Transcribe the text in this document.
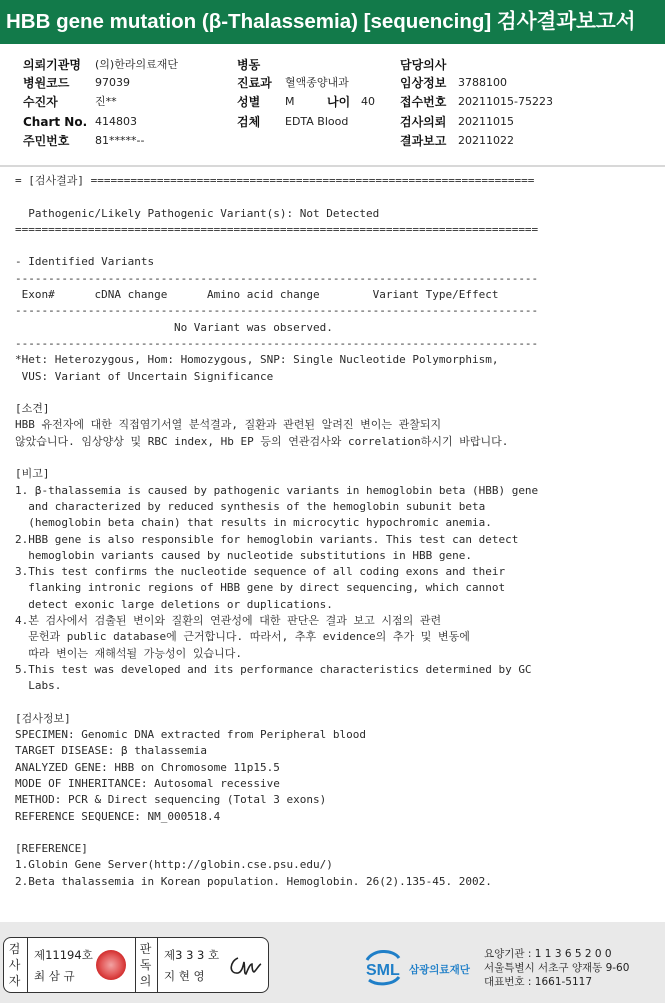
HBB gene mutation (β-Thalassemia) [sequencing] 검사결과보고서
의뢰기관명 (의)한라의료재단
병원코드 97039
수진자	진**
Chart No. 414803
주민번호 81*****--
병동
진료과 혈액종양내과
성별 M	나이 40
검체 EDTA Blood
담당의사
임상정보 3788100
접수번호 20211015-75223
검사의뢰 20211015
결과보고 20211022
= [검사결과] ===================================================================
Pathogenic/Likely Pathogenic Variant(s): Not Detected
===============================================================================
- Identified Variants
-------------------------------------------------------------------------------
Exon#      cDNA change      Amino acid change        Variant Type/Effect
-------------------------------------------------------------------------------
No Variant was observed.
-------------------------------------------------------------------------------
*Het: Heterozygous, Hom: Homozygous, SNP: Single Nucleotide Polymorphism,
VUS: Variant of Uncertain Significance
[소견]
HBB 유전자에 대한 직접염기서열 분석결과, 질환과 관련된 알려진 변이는 관찰되지
않았습니다. 임상양상 및 RBC index, Hb EP 등의 연관검사와 correlation하시기 바랍니다.
[비고]
1. β-thalassemia is caused by pathogenic variants in hemoglobin beta (HBB) gene
and characterized by reduced synthesis of the hemoglobin subunit beta
(hemoglobin beta chain) that results in microcytic hypochromic anemia.
2.HBB gene is also responsible for hemoglobin variants. This test can detect
hemoglobin variants caused by nucleotide substitutions in HBB gene.
3.This test confirms the nucleotide sequence of all coding exons and their
flanking intronic regions of HBB gene by direct sequencing, which cannot
detect exonic large deletions or duplications.
4.본 검사에서 검출된 변이와 질환의 연관성에 대한 판단은 결과 보고 시점의 관련
문헌과 public database에 근거합니다. 따라서, 추후 evidence의 추가 및 변동에
따라 변이는 재해석될 가능성이 있습니다.
5.This test was developed and its performance characteristics determined by GC
Labs.
[검사정보]
SPECIMEN: Genomic DNA extracted from Peripheral blood
TARGET DISEASE: β thalassemia
ANALYZED GENE: HBB on Chromosome 11p15.5
MODE OF INHERITANCE: Autosomal recessive
METHOD: PCR & Direct sequencing (Total 3 exons)
REFERENCE SEQUENCE: NM_000518.4
[REFERENCE]
1.Globin Gene Server(http://globin.cse.psu.edu/)
2.Beta thalassemia in Korean population. Hemoglobin. 26(2).135-45. 2002.
검사자
제11194호
최 삼 규
판독의
제3 3 3 호
지 현 영	SML 삼광의료재단
요양기관 : 1 1 3 6 5 2 0 0
서울특별시 서초구 양재동 9-60
대표번호 : 1661-5117
